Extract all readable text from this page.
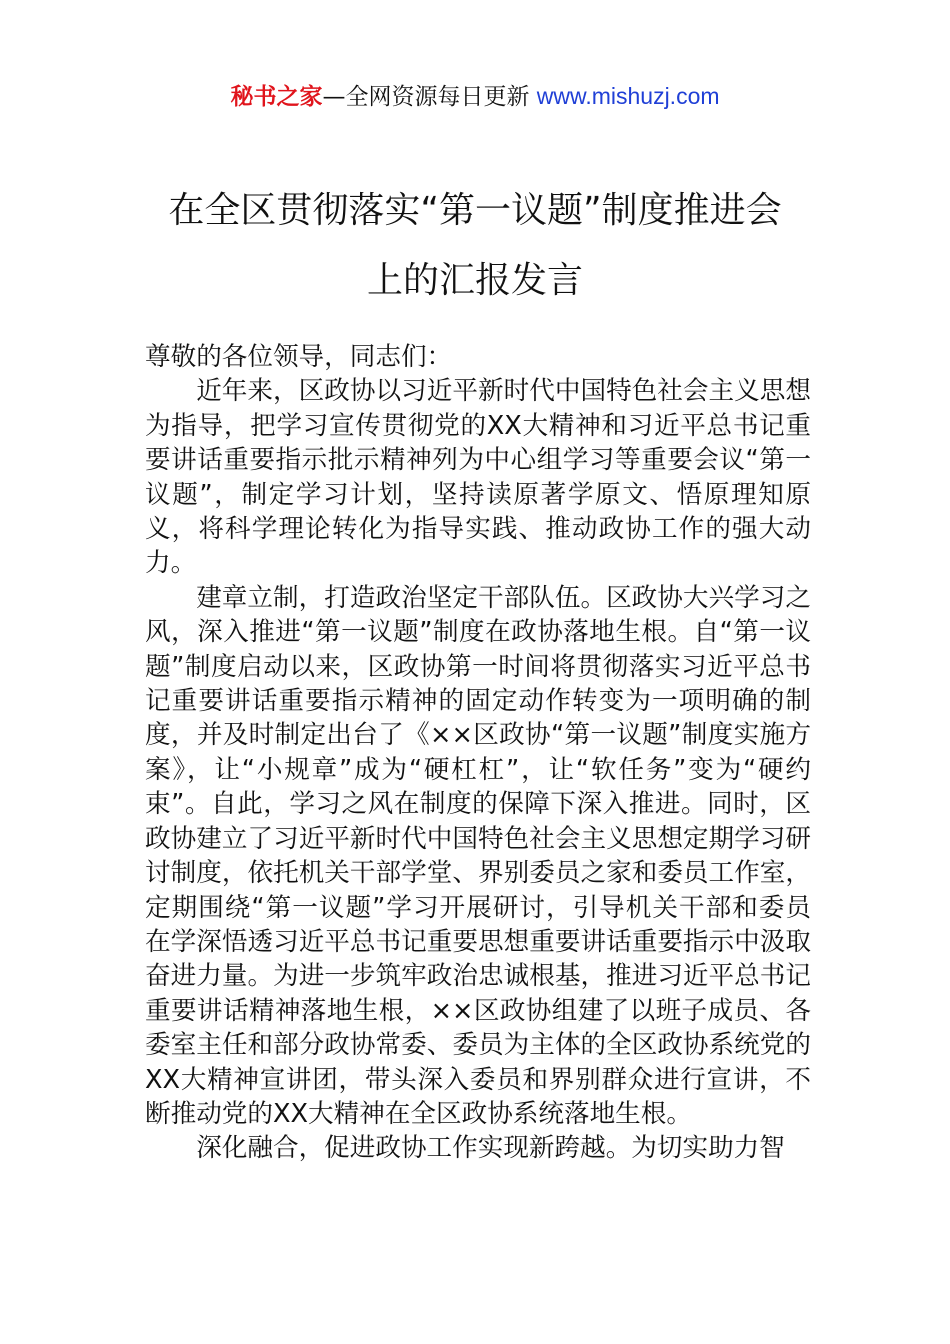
秘书之家—全网资源每日更新 www.mishuzj.com
在全区贯彻落实“第一议题”制度推进会
上的汇报发言

尊敬的各位领导，同志们：

近年来，区政协以习近平新时代中国特色社会主义思想为指导，把学习宣传贯彻党的XX大精神和习近平总书记重要讲话重要指示批示精神列为中心组学习等重要会议“第一议题”，制定学习计划，坚持读原著学原文、悟原理知原义，将科学理论转化为指导实践、推动政协工作的强大动力。

建章立制，打造政治坚定干部队伍。区政协大兴学习之风，深入推进“第一议题”制度在政协落地生根。自“第一议题”制度启动以来，区政协第一时间将贯彻落实习近平总书记重要讲话重要指示精神的固定动作转变为一项明确的制度，并及时制定出台了《××区政协“第一议题”制度实施方案》，让“小规章”成为“硬杠杠”，让“软任务”变为“硬约束”。自此，学习之风在制度的保障下深入推进。同时，区政协建立了习近平新时代中国特色社会主义思想定期学习研讨制度，依托机关干部学堂、界别委员之家和委员工作室，定期围绕“第一议题”学习开展研讨，引导机关干部和委员在学深悟透习近平总书记重要思想重要讲话重要指示中汲取奋进力量。为进一步筑牢政治忠诚根基，推进习近平总书记重要讲话精神落地生根，××区政协组建了以班子成员、各委室主任和部分政协常委、委员为主体的全区政协系统党的XX大精神宣讲团，带头深入委员和界别群众进行宣讲，不断推动党的XX大精神在全区政协系统落地生根。

深化融合，促进政协工作实现新跨越。为切实助力智
